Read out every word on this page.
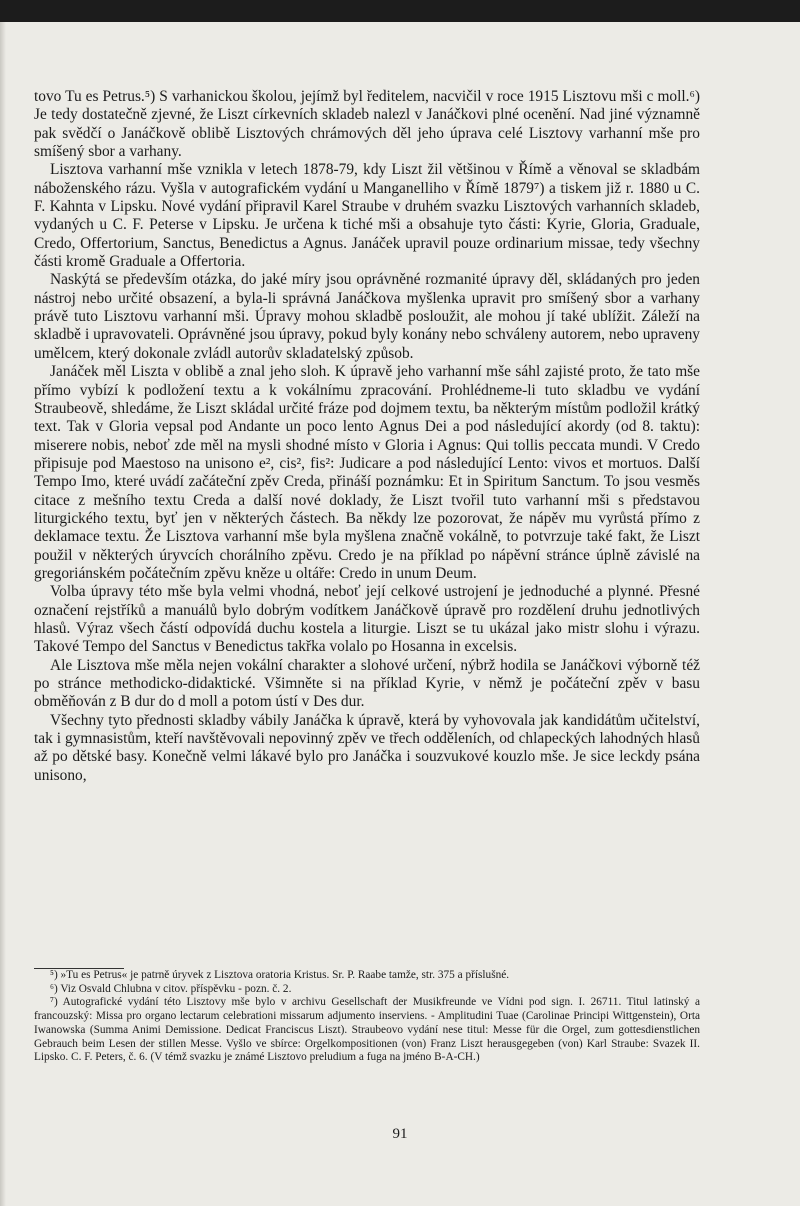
tovo Tu es Petrus.⁵) S varhanickou školou, jejímž byl ředitelem, nacvičil v roce 1915 Lisztovu mši c moll.⁶) Je tedy dostatečně zjevné, že Liszt církevních skladeb nalezl v Janáčkovi plné ocenění. Nad jiné významně pak svědčí o Janáčkově oblibě Lisztových chrámových děl jeho úprava celé Lisztovy varhanní mše pro smíšený sbor a varhany.

Lisztova varhanní mše vznikla v letech 1878-79, kdy Liszt žil většinou v Římě a věnoval se skladbám náboženského rázu. Vyšla v autografickém vydání u Manganelliho v Římě 1879⁷) a tiskem již r. 1880 u C. F. Kahnta v Lipsku. Nové vydání připravil Karel Straube v druhém svazku Lisztových varhanních skladeb, vydaných u C. F. Peterse v Lipsku. Je určena k tiché mši a obsahuje tyto části: Kyrie, Gloria, Graduale, Credo, Offertorium, Sanctus, Benedictus a Agnus. Janáček upravil pouze ordinarium missae, tedy všechny části kromě Graduale a Offertoria.

Naskýtá se především otázka, do jaké míry jsou oprávněné rozmanité úpravy děl, skládaných pro jeden nástroj nebo určité obsazení, a byla-li správná Janáčkova myšlenka upravit pro smíšený sbor a varhany právě tuto Lisztovu varhanní mši. Úpravy mohou skladbě posloužit, ale mohou jí také ublížit. Záleží na skladbě i upravovateli. Oprávněné jsou úpravy, pokud byly konány nebo schváleny autorem, nebo upraveny umělcem, který dokonale zvládl autorův skladatelský způsob.

Janáček měl Liszta v oblibě a znal jeho sloh. K úpravě jeho varhanní mše sáhl zajisté proto, že tato mše přímo vybízí k podložení textu a k vokálnímu zpracování. Prohlédneme-li tuto skladbu ve vydání Straubeově, shledáme, že Liszt skládal určité fráze pod dojmem textu, ba některým místům podložil krátký text. Tak v Gloria vepsal pod Andante un poco lento Agnus Dei a pod následující akordy (od 8. taktu): miserere nobis, neboť zde měl na mysli shodné místo v Gloria i Agnus: Qui tollis peccata mundi. V Credo připisuje pod Maestoso na unisono e², cis², fis²: Judicare a pod následující Lento: vivos et mortuos. Další Tempo Imo, které uvádí začáteční zpěv Creda, přináší poznámku: Et in Spiritum Sanctum. To jsou vesměs citace z mešního textu Creda a další nové doklady, že Liszt tvořil tuto varhanní mši s představou liturgického textu, byť jen v některých částech. Ba někdy lze pozorovat, že nápěv mu vyrůstá přímo z deklamace textu. Že Lisztova varhanní mše byla myšlena značně vokálně, to potvrzuje také fakt, že Liszt použil v některých úryvcích chorálního zpěvu. Credo je na příklad po nápěvní stránce úplně závislé na gregoriánském počátečním zpěvu kněze u oltáře: Credo in unum Deum.

Volba úpravy této mše byla velmi vhodná, neboť její celkové ustrojení je jednoduché a plynné. Přesné označení rejstříků a manuálů bylo dobrým vodítkem Janáčkově úpravě pro rozdělení druhu jednotlivých hlasů. Výraz všech částí odpovídá duchu kostela a liturgie. Liszt se tu ukázal jako mistr slohu i výrazu. Takové Tempo del Sanctus v Benedictus takřka volalo po Hosanna in excelsis.

Ale Lisztova mše měla nejen vokální charakter a slohové určení, nýbrž hodila se Janáčkovi výborně též po stránce methodicko-didaktické. Všimněte si na příklad Kyrie, v němž je počáteční zpěv v basu obměňován z B dur do d moll a potom ústí v Des dur.

Všechny tyto přednosti skladby vábily Janáčka k úpravě, která by vyhovovala jak kandidátům učitelství, tak i gymnasistům, kteří navštěvovali nepovinný zpěv ve třech odděleních, od chlapeckých lahodných hlasů až po dětské basy. Konečně velmi lákavé bylo pro Janáčka i souzvukové kouzlo mše. Je sice leckdy psána unisono,

⁵) »Tu es Petrus« je patrně úryvek z Lisztova oratoria Kristus. Sr. P. Raabe tamže, str. 375 a příslušné.

⁶) Viz Osvald Chlubna v citov. příspěvku - pozn. č. 2.

⁷) Autografické vydání této Lisztovy mše bylo v archivu Gesellschaft der Musikfreunde ve Vídni pod sign. I. 26711. Titul latinský a francouzský: Missa pro organo lectarum celebrationi missarum adjumento inserviens. - Amplitudini Tuae (Carolinae Principi Wittgenstein), Orta Iwanowska (Summa Animi Demissione. Dedicat Franciscus Liszt). Straubeovo vydání nese titul: Messe für die Orgel, zum gottesdienstlichen Gebrauch beim Lesen der stillen Messe. Vyšlo ve sbírce: Orgelkompositionen (von) Franz Liszt herausgegeben (von) Karl Straube: Svazek II. Lipsko. C. F. Peters, č. 6. (V témž svazku je známé Lisztovo preludium a fuga na jméno B-A-CH.)

91
